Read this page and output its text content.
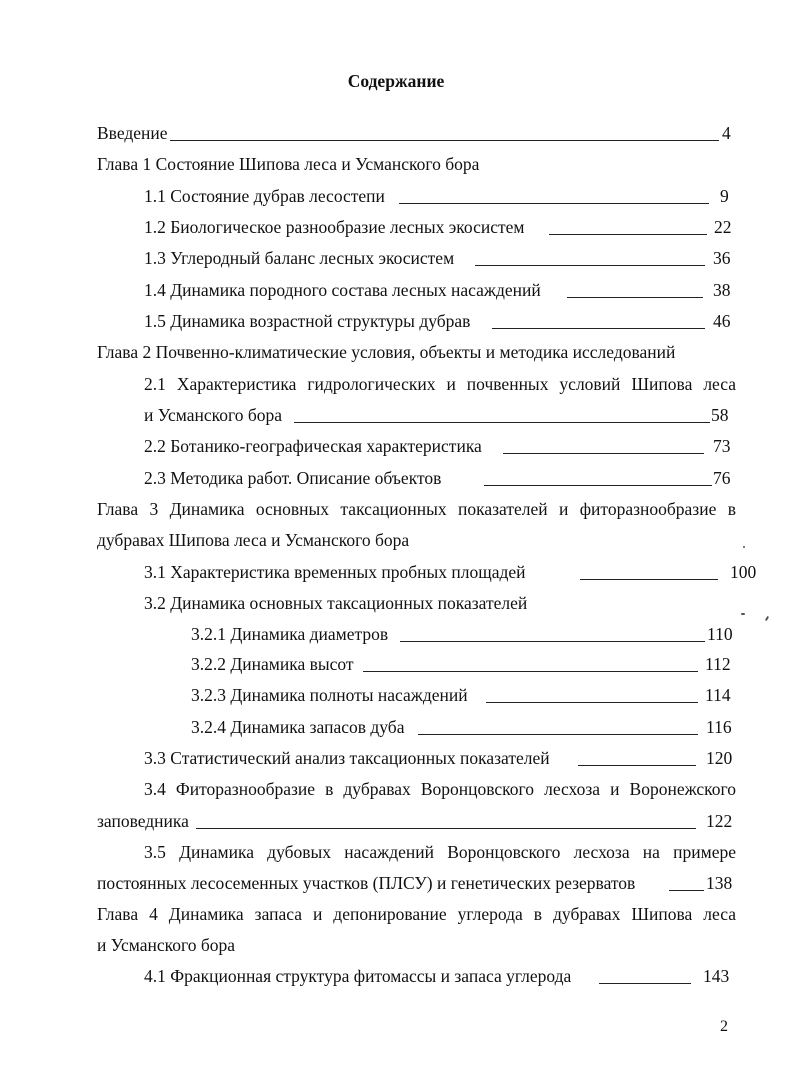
Содержание
Введение	4
Глава 1 Состояние Шипова леса и Усманского бора
1.1 Состояние дубрав лесостепи	9
1.2 Биологическое разнообразие лесных экосистем	22
1.3 Углеродный баланс лесных экосистем	36
1.4 Динамика породного состава лесных насаждений	38
1.5 Динамика возрастной структуры дубрав	46
Глава 2 Почвенно-климатические условия, объекты и методика исследований
2.1 Характеристика гидрологических и почвенных условий Шипова леса
и Усманского бора	58
2.2 Ботанико-географическая характеристика	73
2.3 Методика работ. Описание объектов	76
Глава 3 Динамика основных таксационных показателей и фиторазнообразие в
дубравах Шипова леса и Усманского бора
3.1 Характеристика временных пробных площадей	100
3.2 Динамика основных таксационных показателей
3.2.1 Динамика диаметров	110
3.2.2 Динамика высот	112
3.2.3 Динамика полноты насаждений	114
3.2.4 Динамика запасов дуба	116
3.3 Статистический анализ таксационных показателей	120
3.4 Фиторазнообразие в дубравах Воронцовского лесхоза и Воронежского
заповедника	122
3.5 Динамика дубовых насаждений Воронцовского лесхоза на примере
постоянных лесосеменных участков (ПЛСУ) и генетических резерватов	138
Глава 4 Динамика запаса и депонирование углерода в дубравах Шипова леса
и Усманского бора
4.1 Фракционная структура фитомассы и запаса углерода	143
2
